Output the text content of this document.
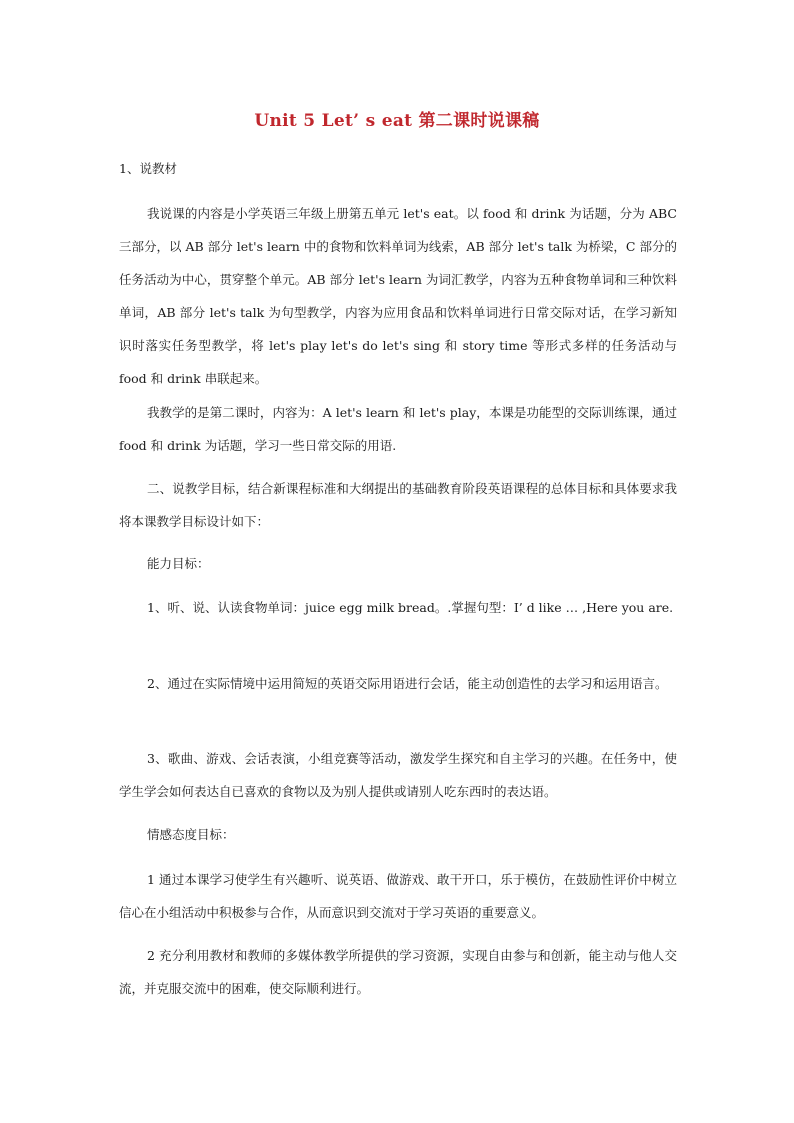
Unit 5 Let’ s eat 第二课时说课稿

1、说教材

我说课的内容是小学英语三年级上册第五单元 let's eat。以 food 和 drink 为话题，分为 ABC 三部分，以 AB 部分 let's learn 中的食物和饮料单词为线索，AB 部分 let's talk 为桥梁，C 部分的任务活动为中心，贯穿整个单元。AB 部分 let's learn 为词汇教学，内容为五种食物单词和三种饮料单词，AB 部分 let's talk 为句型教学，内容为应用食品和饮料单词进行日常交际对话，在学习新知识时落实任务型教学，将 let's play let's do let's sing 和 story time 等形式多样的任务活动与 food 和 drink 串联起来。

我教学的是第二课时，内容为：A let's learn 和 let's play，本课是功能型的交际训练课，通过 food 和 drink 为话题，学习一些日常交际的用语.

二、说教学目标，结合新课程标准和大纲提出的基础教育阶段英语课程的总体目标和具体要求我将本课教学目标设计如下：

能力目标：

1、听、说、认读食物单词：juice egg milk bread。.掌握句型：I’ d like … ,Here you are.

2、通过在实际情境中运用简短的英语交际用语进行会话，能主动创造性的去学习和运用语言。

3、歌曲、游戏、会话表演，小组竞赛等活动，激发学生探究和自主学习的兴趣。在任务中，使学生学会如何表达自已喜欢的食物以及为别人提供或请别人吃东西时的表达语。

情感态度目标：

1 通过本课学习使学生有兴趣听、说英语、做游戏、敢干开口，乐于模仿，在鼓励性评价中树立信心在小组活动中积极参与合作，从而意识到交流对于学习英语的重要意义。

2 充分利用教材和教师的多媒体教学所提供的学习资源，实现自由参与和创新，能主动与他人交流，并克服交流中的困难，使交际顺利进行。
